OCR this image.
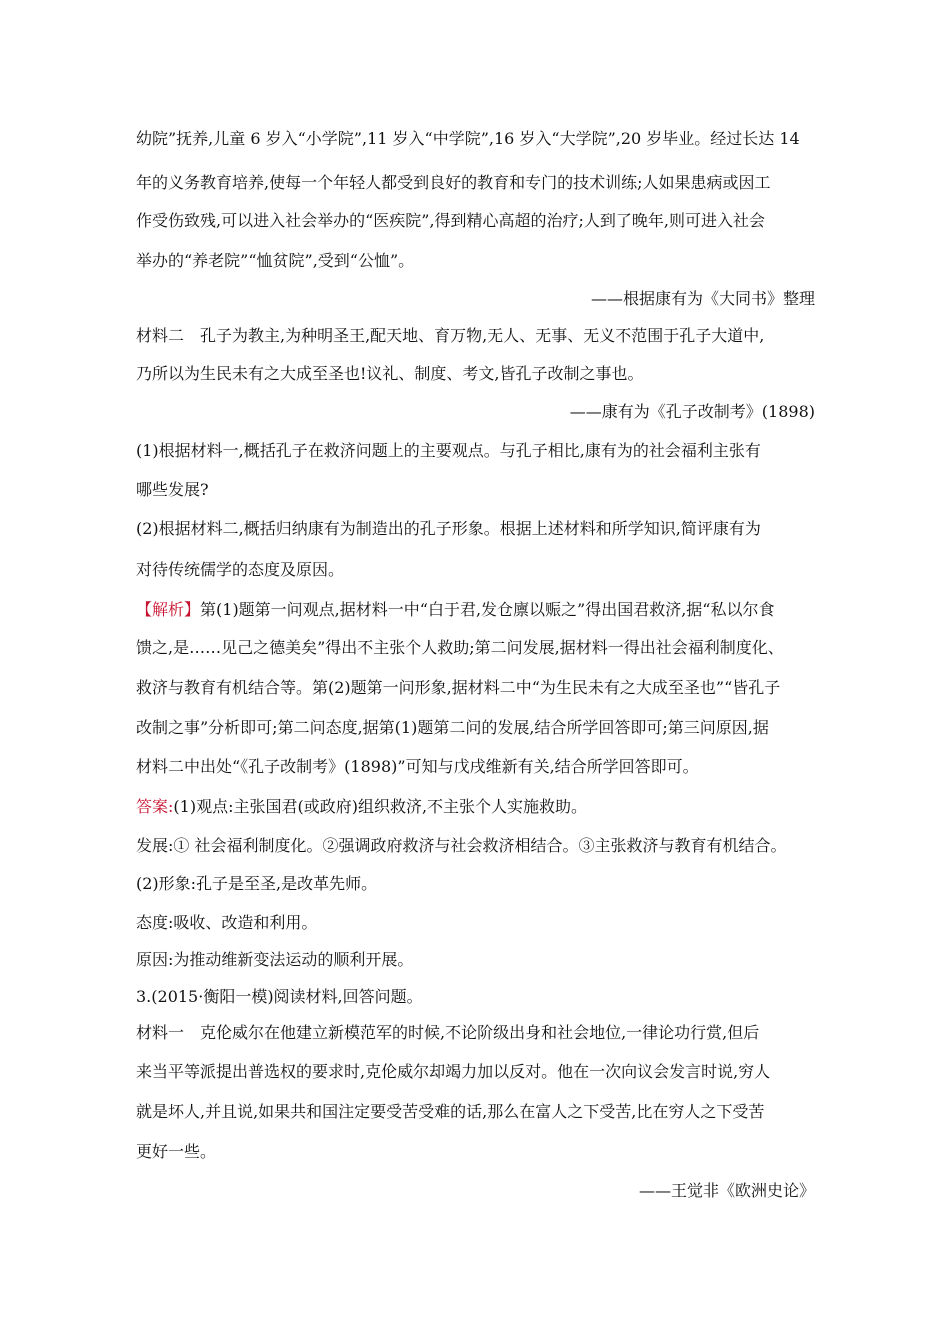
幼院”抚养,儿童 6 岁入“小学院”,11 岁入“中学院”,16 岁入“大学院”,20 岁毕业。经过长达 14
年的义务教育培养,使每一个年轻人都受到良好的教育和专门的技术训练;人如果患病或因工
作受伤致残,可以进入社会举办的“医疾院”,得到精心高超的治疗;人到了晚年,则可进入社会
举办的“养老院”“恤贫院”,受到“公恤”。
——根据康有为《大同书》整理
材料二　孔子为教主,为种明圣王,配天地、育万物,无人、无事、无义不范围于孔子大道中,
乃所以为生民未有之大成至圣也!议礼、制度、考文,皆孔子改制之事也。
——康有为《孔子改制考》(1898)
(1)根据材料一,概括孔子在救济问题上的主要观点。与孔子相比,康有为的社会福利主张有
哪些发展?
(2)根据材料二,概括归纳康有为制造出的孔子形象。根据上述材料和所学知识,简评康有为
对待传统儒学的态度及原因。
【解析】第(1)题第一问观点,据材料一中“白于君,发仓廪以赈之”得出国君救济,据“私以尔食
馈之,是……见己之德美矣”得出不主张个人救助;第二问发展,据材料一得出社会福利制度化、
救济与教育有机结合等。第(2)题第一问形象,据材料二中“为生民未有之大成至圣也”“皆孔子
改制之事”分析即可;第二问态度,据第(1)题第二问的发展,结合所学回答即可;第三问原因,据
材料二中出处“《孔子改制考》(1898)”可知与戊戌维新有关,结合所学回答即可。
答案:(1)观点:主张国君(或政府)组织救济,不主张个人实施救助。
发展:① 社会福利制度化。②强调政府救济与社会救济相结合。③主张救济与教育有机结合。
(2)形象:孔子是至圣,是改革先师。
态度:吸收、改造和利用。
原因:为推动维新变法运动的顺利开展。
3.(2015·衡阳一模)阅读材料,回答问题。
材料一　克伦威尔在他建立新模范军的时候,不论阶级出身和社会地位,一律论功行赏,但后
来当平等派提出普选权的要求时,克伦威尔却竭力加以反对。他在一次向议会发言时说,穷人
就是坏人,并且说,如果共和国注定要受苦受难的话,那么在富人之下受苦,比在穷人之下受苦
更好一些。
——王觉非《欧洲史论》
